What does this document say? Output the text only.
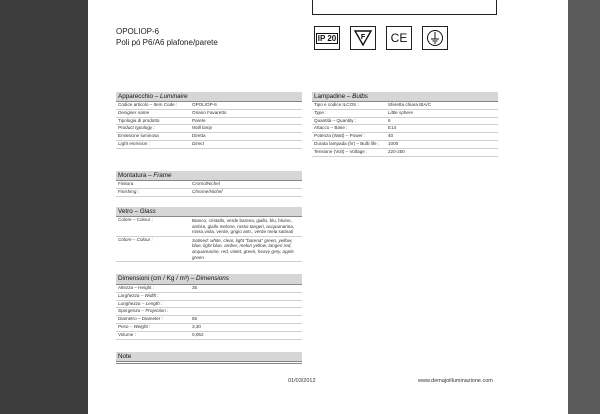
OPOLIOP-6
Poli pó P6/A6 plafone/parete	IP 20	F	CE
Apparecchio – Luminaire
Codice articolo – Item Code :	OPOLIOP-6
Designer name	Oriano Favaretto
Tipologia di prodotto	Parete
Product typology :	Wall lamp
Emissione luminosa	Diretta
Light emission :	Direct
Montatura – Frame
Finitura	Cromo/Nichel
Finishing :	Chrome/Nichel
Vetro – Glass
Colore – Colour :	Bianco, cristallo, verde barena, giallo, blu, bluino, ambra, giallo melone, rosso tangeri, acquamarina, rosso,viola, verde, grigio antr., verde mela satinati
Colore – Colour :	Satined: white, clear, light "barena" green, yellow, blue, light blue, amber, melon yellow, tangeri red, acquamarine, red, violet, green, heavy grey, apple green
Dimensioni (cm / Kg / m³) – Dimensions
Altezza – Height :	35
Larghezza – Width :
Lunghezza – Length :
Sporgenza – Projection :
Diametro – Diameter :	55
Peso – Weight :	3,30
Volume :	0,052
Note
Lampadine – Bulbs
Tipo e codice ILCOS :	Sferetta chiara IBA/C
Type :	Little sphere
Quantità – Quantity :	6
Attacco – Base :	E14
Potenza (Watt) – Power :	40
Durata lampada (hr) – Bulb life :	1000
Tensione (Volt) – Voltage :	220-250
01/03/2012	www.demajoilluminazione.com
